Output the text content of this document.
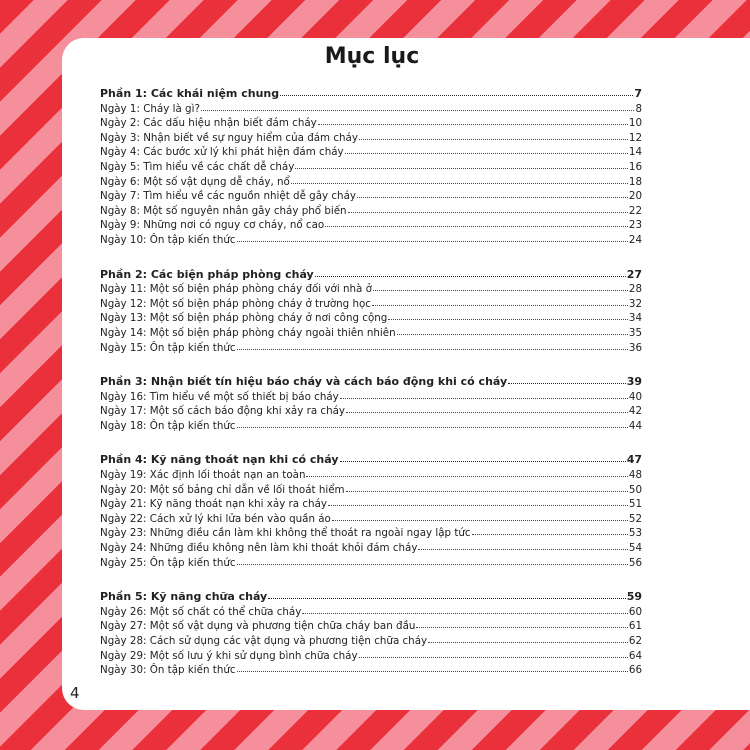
Mục lục
Phần 1: Các khái niệm chung	7
Ngày 1: Cháy là gì?	8
Ngày 2: Các dấu hiệu nhận biết đám cháy	10
Ngày 3: Nhận biết về sự nguy hiểm của đám cháy	12
Ngày 4: Các bước xử lý khi phát hiện đám cháy	14
Ngày 5: Tìm hiểu về các chất dễ cháy	16
Ngày 6: Một số vật dụng dễ cháy, nổ	18
Ngày 7: Tìm hiểu về các nguồn nhiệt dễ gây cháy	20
Ngày 8: Một số nguyên nhân gây cháy phổ biến	22
Ngày 9: Những nơi có nguy cơ cháy, nổ cao	23
Ngày 10: Ôn tập kiến thức	24
Phần 2: Các biện pháp phòng cháy	27
Ngày 11: Một số biện pháp phòng cháy đối với nhà ở	28
Ngày 12: Một số biện pháp phòng cháy ở trường học	32
Ngày 13: Một số biện pháp phòng cháy ở nơi công cộng	34
Ngày 14: Một số biện pháp phòng cháy ngoài thiên nhiên	35
Ngày 15: Ôn tập kiến thức	36
Phần 3: Nhận biết tín hiệu báo cháy và cách báo động khi có cháy	39
Ngày 16: Tìm hiểu về một số thiết bị báo cháy	40
Ngày 17: Một số cách báo động khi xảy ra cháy	42
Ngày 18: Ôn tập kiến thức	44
Phần 4: Kỹ năng thoát nạn khi có cháy	47
Ngày 19: Xác định lối thoát nạn an toàn	48
Ngày 20: Một số bảng chỉ dẫn về lối thoát hiểm	50
Ngày 21: Kỹ năng thoát nạn khi xảy ra cháy	51
Ngày 22: Cách xử lý khi lửa bén vào quần áo	52
Ngày 23: Những điều cần làm khi không thể thoát ra ngoài ngay lập tức	53
Ngày 24: Những điều không nên làm khi thoát khỏi đám cháy	54
Ngày 25: Ôn tập kiến thức	56
Phần 5: Kỹ năng chữa cháy	59
Ngày 26: Một số chất có thể chữa cháy	60
Ngày 27: Một số vật dụng và phương tiện chữa cháy ban đầu	61
Ngày 28: Cách sử dụng các vật dụng và phương tiện chữa cháy	62
Ngày 29: Một số lưu ý khi sử dụng bình chữa cháy	64
Ngày 30: Ôn tập kiến thức	66
4
